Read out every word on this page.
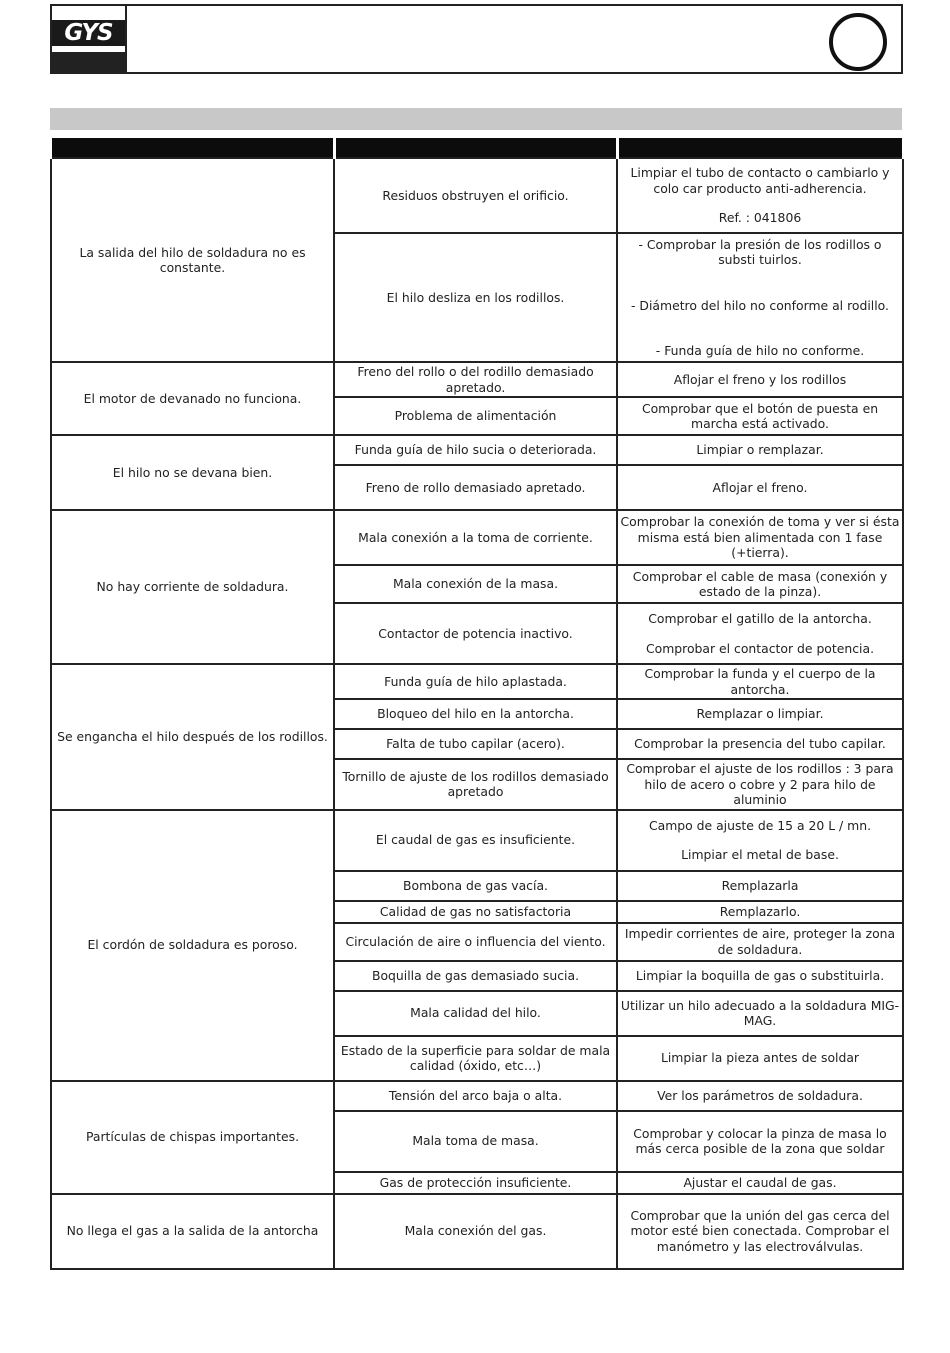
GYS

La salida del hilo de soldadura no es constante.	Residuos obstruyen el orificio.	Limpiar el tubo de contacto o cambiarlo y colo car producto anti-adherencia.
Ref. : 041806
	El hilo desliza en los rodillos.	- Comprobar la presión de los rodillos o substi tuirlos.
- Diámetro del hilo no conforme al rodillo.
- Funda guía de hilo no conforme.
El motor de devanado no funciona.	Freno del rollo o del rodillo demasiado apretado.	Aflojar el freno y los rodillos
	Problema de alimentación	Comprobar que el botón de puesta en marcha está activado.
El hilo no se devana bien.	Funda guía de hilo sucia o deteriorada.	Limpiar o remplazar.
	Freno de rollo demasiado apretado.	Aflojar el freno.
No hay corriente de soldadura.	Mala conexión a la toma de corriente.	Comprobar la conexión de toma y ver si ésta misma está bien alimentada con 1 fase (+tierra).
	Mala conexión de la masa.	Comprobar el cable de masa (conexión y estado de la pinza).
	Contactor de potencia inactivo.	Comprobar el gatillo de la antorcha.
Comprobar el contactor de potencia.
Se engancha el hilo después de los rodillos.	Funda guía de hilo aplastada.	Comprobar la funda y el cuerpo de la antorcha.
	Bloqueo del hilo en la antorcha.	Remplazar o limpiar.
	Falta de tubo capilar (acero).	Comprobar la presencia del tubo capilar.
	Tornillo de ajuste de los rodillos demasiado apretado	Comprobar el ajuste de los rodillos : 3 para hilo de acero o cobre y 2 para hilo de aluminio
El cordón de soldadura es poroso.	El caudal de gas es insuficiente.	Campo de ajuste de 15 a 20 L / mn.
Limpiar el metal de base.
	Bombona de gas vacía.	Remplazarla
	Calidad de gas no satisfactoria	Remplazarlo.
	Circulación de aire o influencia del viento.	Impedir corrientes de aire, proteger la zona de soldadura.
	Boquilla de gas demasiado sucia.	Limpiar la boquilla de gas o substituirla.
	Mala calidad del hilo.	Utilizar un hilo adecuado a la soldadura MIG-MAG.
	Estado de la superficie para soldar de mala calidad (óxido, etc…)	Limpiar la pieza antes de soldar
Partículas de chispas importantes.	Tensión del arco baja o alta.	Ver los parámetros de soldadura.
	Mala toma de masa.	Comprobar y colocar la pinza de masa lo más cerca posible de la zona que soldar
	Gas de protección insuficiente.	Ajustar el caudal de gas.
No llega el gas a la salida de la antorcha	Mala conexión del gas.	Comprobar que la unión del gas cerca del motor esté bien conectada. Comprobar el manómetro y las electroválvulas.
